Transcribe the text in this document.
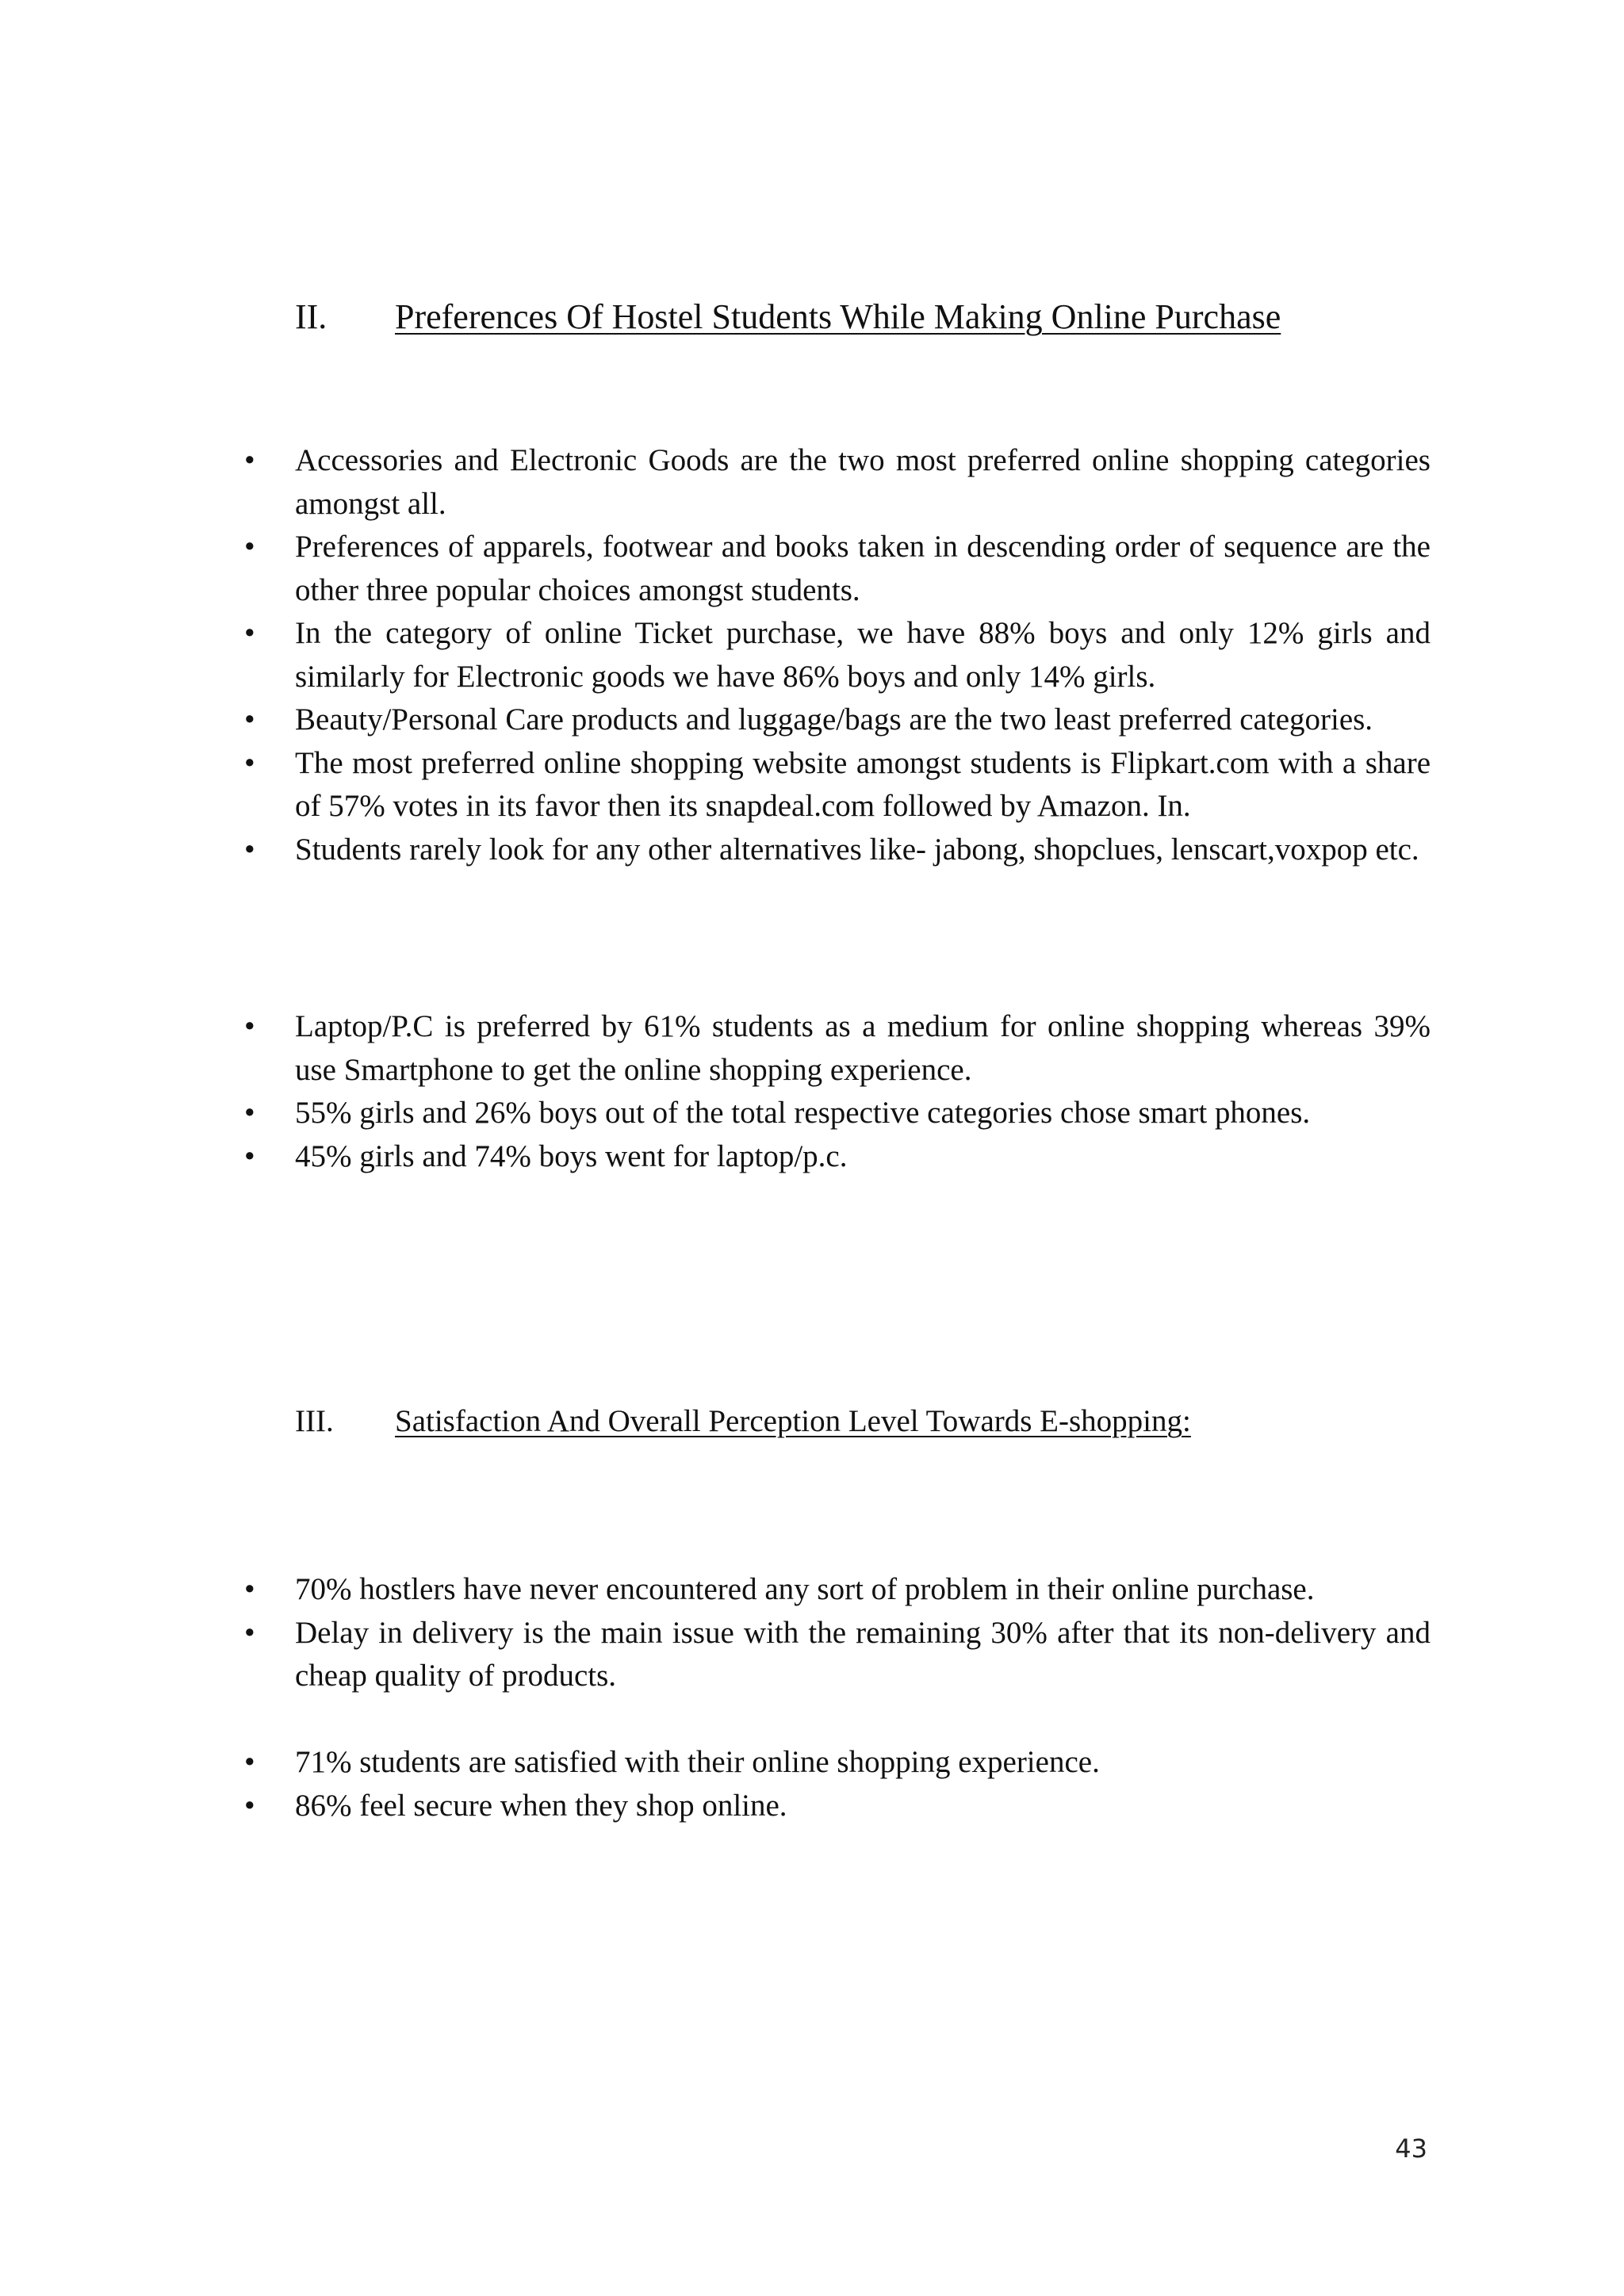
II.	Preferences Of Hostel Students While Making Online Purchase
•	Accessories and Electronic Goods are the two most preferred online shopping categories amongst all.
•	Preferences of apparels, footwear and books taken in descending order of sequence are the other three popular choices amongst students.
•	In the category of online Ticket purchase, we have 88% boys and only 12% girls and similarly for Electronic goods we have 86% boys and only 14% girls.
•	Beauty/Personal Care products and luggage/bags are the two least preferred categories.
•	The most preferred online shopping website amongst students is Flipkart.com with a share of 57% votes in its favor then its snapdeal.com followed by Amazon. In.
•	Students rarely look for any other alternatives like- jabong, shopclues, lenscart,voxpop etc.
•	Laptop/P.C is preferred by 61% students as a medium for online shopping whereas 39% use Smartphone to get the online shopping experience.
•	55% girls and 26% boys out of the total respective categories chose smart phones.
•	45% girls and 74% boys went for laptop/p.c.
III.	Satisfaction And Overall Perception Level Towards E-shopping:
•	70% hostlers have never encountered any sort of problem in their online purchase.
•	Delay in delivery is the main issue with the remaining 30% after that its non-delivery and cheap quality of products.
•	71% students are satisfied with their online shopping experience.
•	86% feel secure when they shop online.
43
